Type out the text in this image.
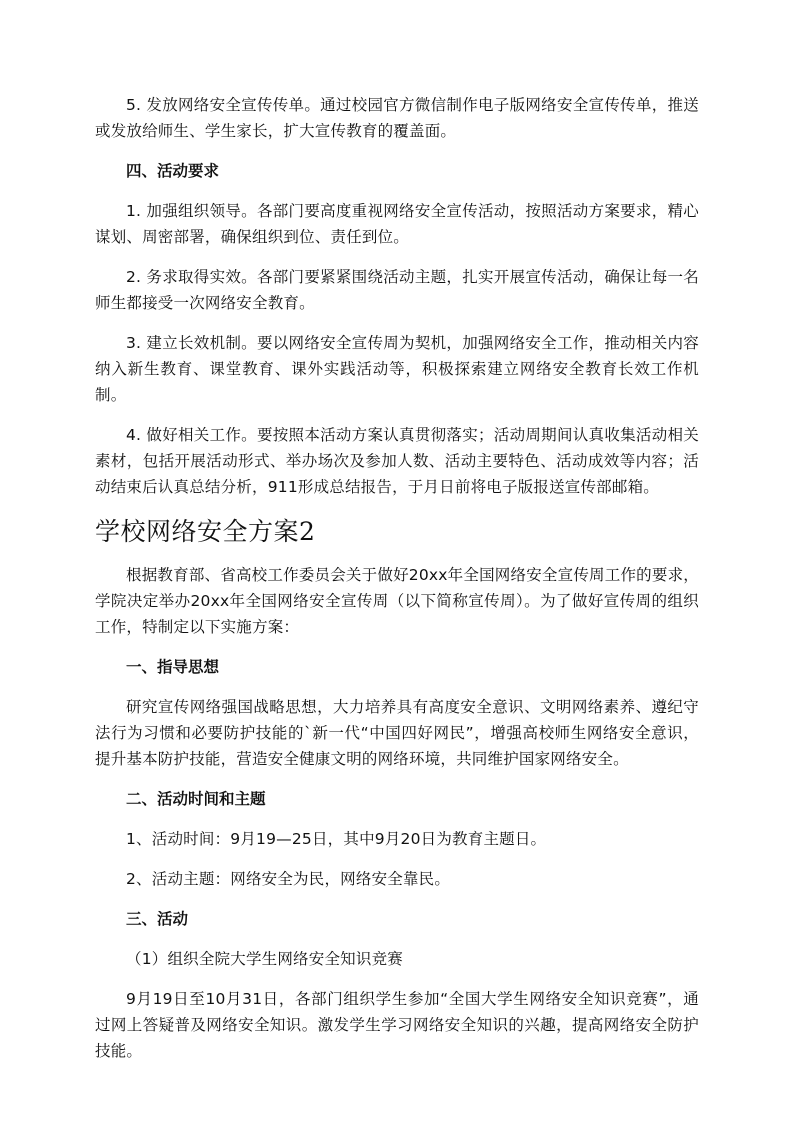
5. 发放网络安全宣传传单。通过校园官方微信制作电子版网络安全宣传传单，推送或发放给师生、学生家长，扩大宣传教育的覆盖面。

四、活动要求

1. 加强组织领导。各部门要高度重视网络安全宣传活动，按照活动方案要求，精心谋划、周密部署，确保组织到位、责任到位。

2. 务求取得实效。各部门要紧紧围绕活动主题，扎实开展宣传活动，确保让每一名师生都接受一次网络安全教育。

3. 建立长效机制。要以网络安全宣传周为契机，加强网络安全工作，推动相关内容纳入新生教育、课堂教育、课外实践活动等，积极探索建立网络安全教育长效工作机制。

4. 做好相关工作。要按照本活动方案认真贯彻落实；活动周期间认真收集活动相关素材，包括开展活动形式、举办场次及参加人数、活动主要特色、活动成效等内容；活动结束后认真总结分析，911形成总结报告，于月日前将电子版报送宣传部邮箱。

学校网络安全方案2

根据教育部、省高校工作委员会关于做好20xx年全国网络安全宣传周工作的要求，学院决定举办20xx年全国网络安全宣传周（以下简称宣传周）。为了做好宣传周的组织工作，特制定以下实施方案：

一、指导思想

研究宣传网络强国战略思想，大力培养具有高度安全意识、文明网络素养、遵纪守法行为习惯和必要防护技能的`新一代“中国四好网民”，增强高校师生网络安全意识，提升基本防护技能，营造安全健康文明的网络环境，共同维护国家网络安全。

二、活动时间和主题

1、活动时间：9月19—25日，其中9月20日为教育主题日。

2、活动主题：网络安全为民，网络安全靠民。

三、活动

（1）组织全院大学生网络安全知识竞赛

9月19日至10月31日，各部门组织学生参加“全国大学生网络安全知识竞赛”，通过网上答疑普及网络安全知识。激发学生学习网络安全知识的兴趣，提高网络安全防护技能。
